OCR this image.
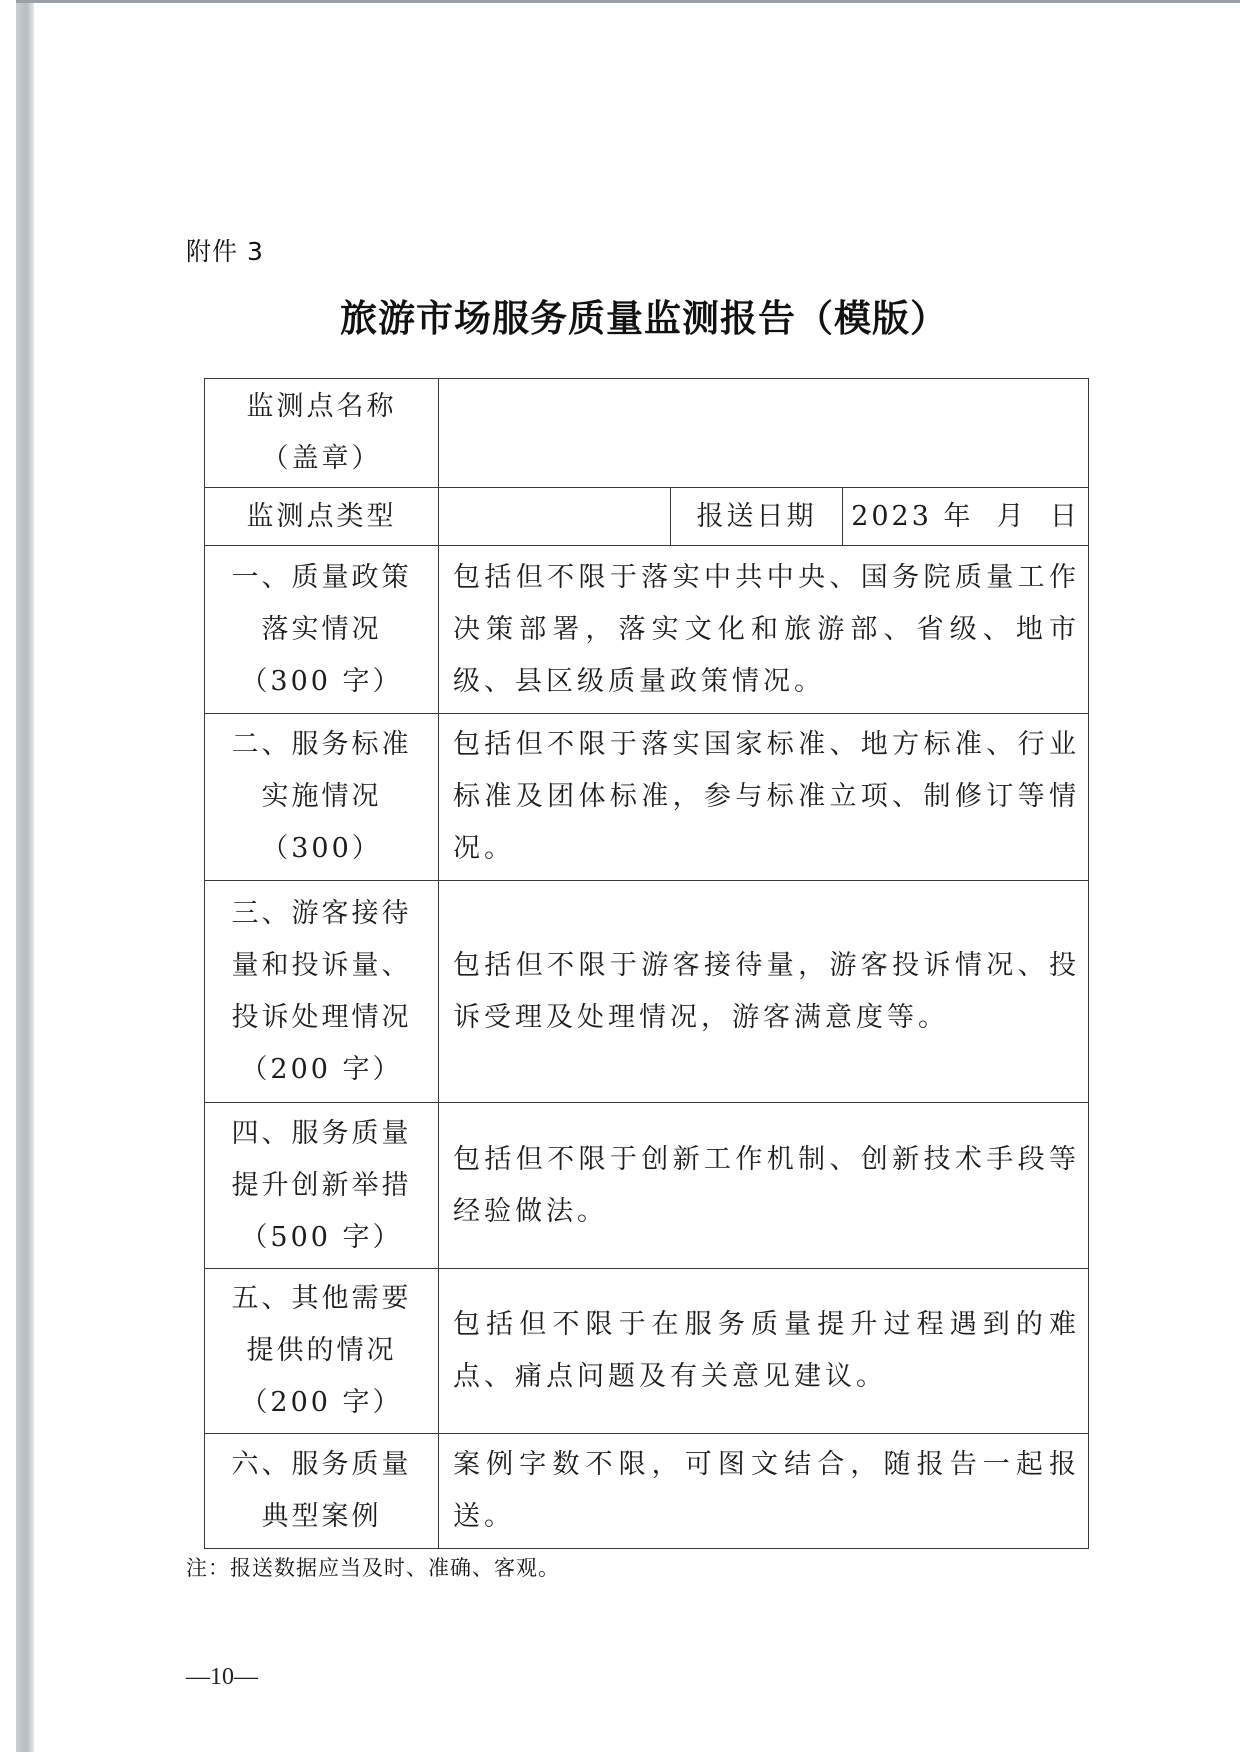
附件 3
旅游市场服务质量监测报告（模版）
监测点名称
（盖章）			

监测点类型		报送日期	2023 年  月  日

一、质量政策
落实情况
（300 字）	包括但不限于落实中共中央、国务院质量工作决策部署，落实文化和旅游部、省级、地市级、县区级质量政策情况。		

二、服务标准
实施情况
（300）	包括但不限于落实国家标准、地方标准、行业标准及团体标准，参与标准立项、制修订等情况。		

三、游客接待
量和投诉量、
投诉处理情况
（200 字）	包括但不限于游客接待量，游客投诉情况、投诉受理及处理情况，游客满意度等。		

四、服务质量
提升创新举措
（500 字）	包括但不限于创新工作机制、创新技术手段等经验做法。		

五、其他需要
提供的情况
（200 字）	包括但不限于在服务质量提升过程遇到的难点、痛点问题及有关意见建议。		

六、服务质量
典型案例	案例字数不限，可图文结合，随报告一起报送。		
注：报送数据应当及时、准确、客观。
—10—
